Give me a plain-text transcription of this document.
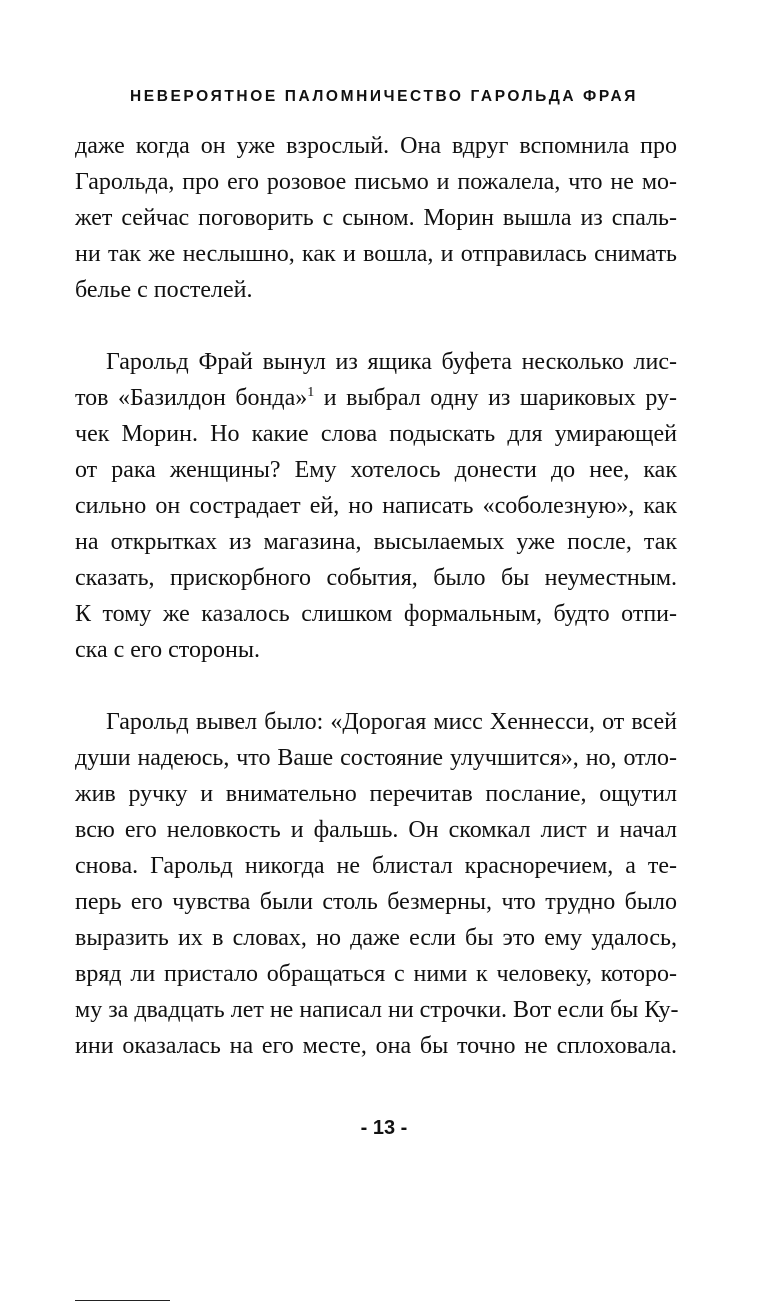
НЕВЕРОЯТНОЕ ПАЛОМНИЧЕСТВО ГАРОЛЬДА ФРАЯ
даже когда он уже взрослый. Она вдруг вспомнила про
Гарольда, про его розовое письмо и пожалела, что не мо-
жет сейчас поговорить с сыном. Морин вышла из спаль-
ни так же неслышно, как и вошла, и отправилась снимать
белье с постелей.
Гарольд Фрай вынул из ящика буфета несколько лис-
тов «Базилдон бонда»$^1$ и выбрал одну из шариковых ру-
чек Морин. Но какие слова подыскать для умирающей
от рака женщины? Ему хотелось донести до нее, как
сильно он сострадает ей, но написать «соболезную», как
на открытках из магазина, высылаемых уже после, так
сказать, прискорбного события, было бы неуместным.
К тому же казалось слишком формальным, будто отпи-
ска с его стороны.
Гарольд вывел было: «Дорогая мисс Хеннесси, от всей
души надеюсь, что Ваше состояние улучшится», но, отло-
жив ручку и внимательно перечитав послание, ощутил
всю его неловкость и фальшь. Он скомкал лист и начал
снова. Гарольд никогда не блистал красноречием, а те-
перь его чувства были столь безмерны, что трудно было
выразить их в словах, но даже если бы это ему удалось,
вряд ли пристало обращаться с ними к человеку, которо-
му за двадцать лет не написал ни строчки. Вот если бы Ку-
ини оказалась на его месте, она бы точно не сплоховала.
- 13 -
